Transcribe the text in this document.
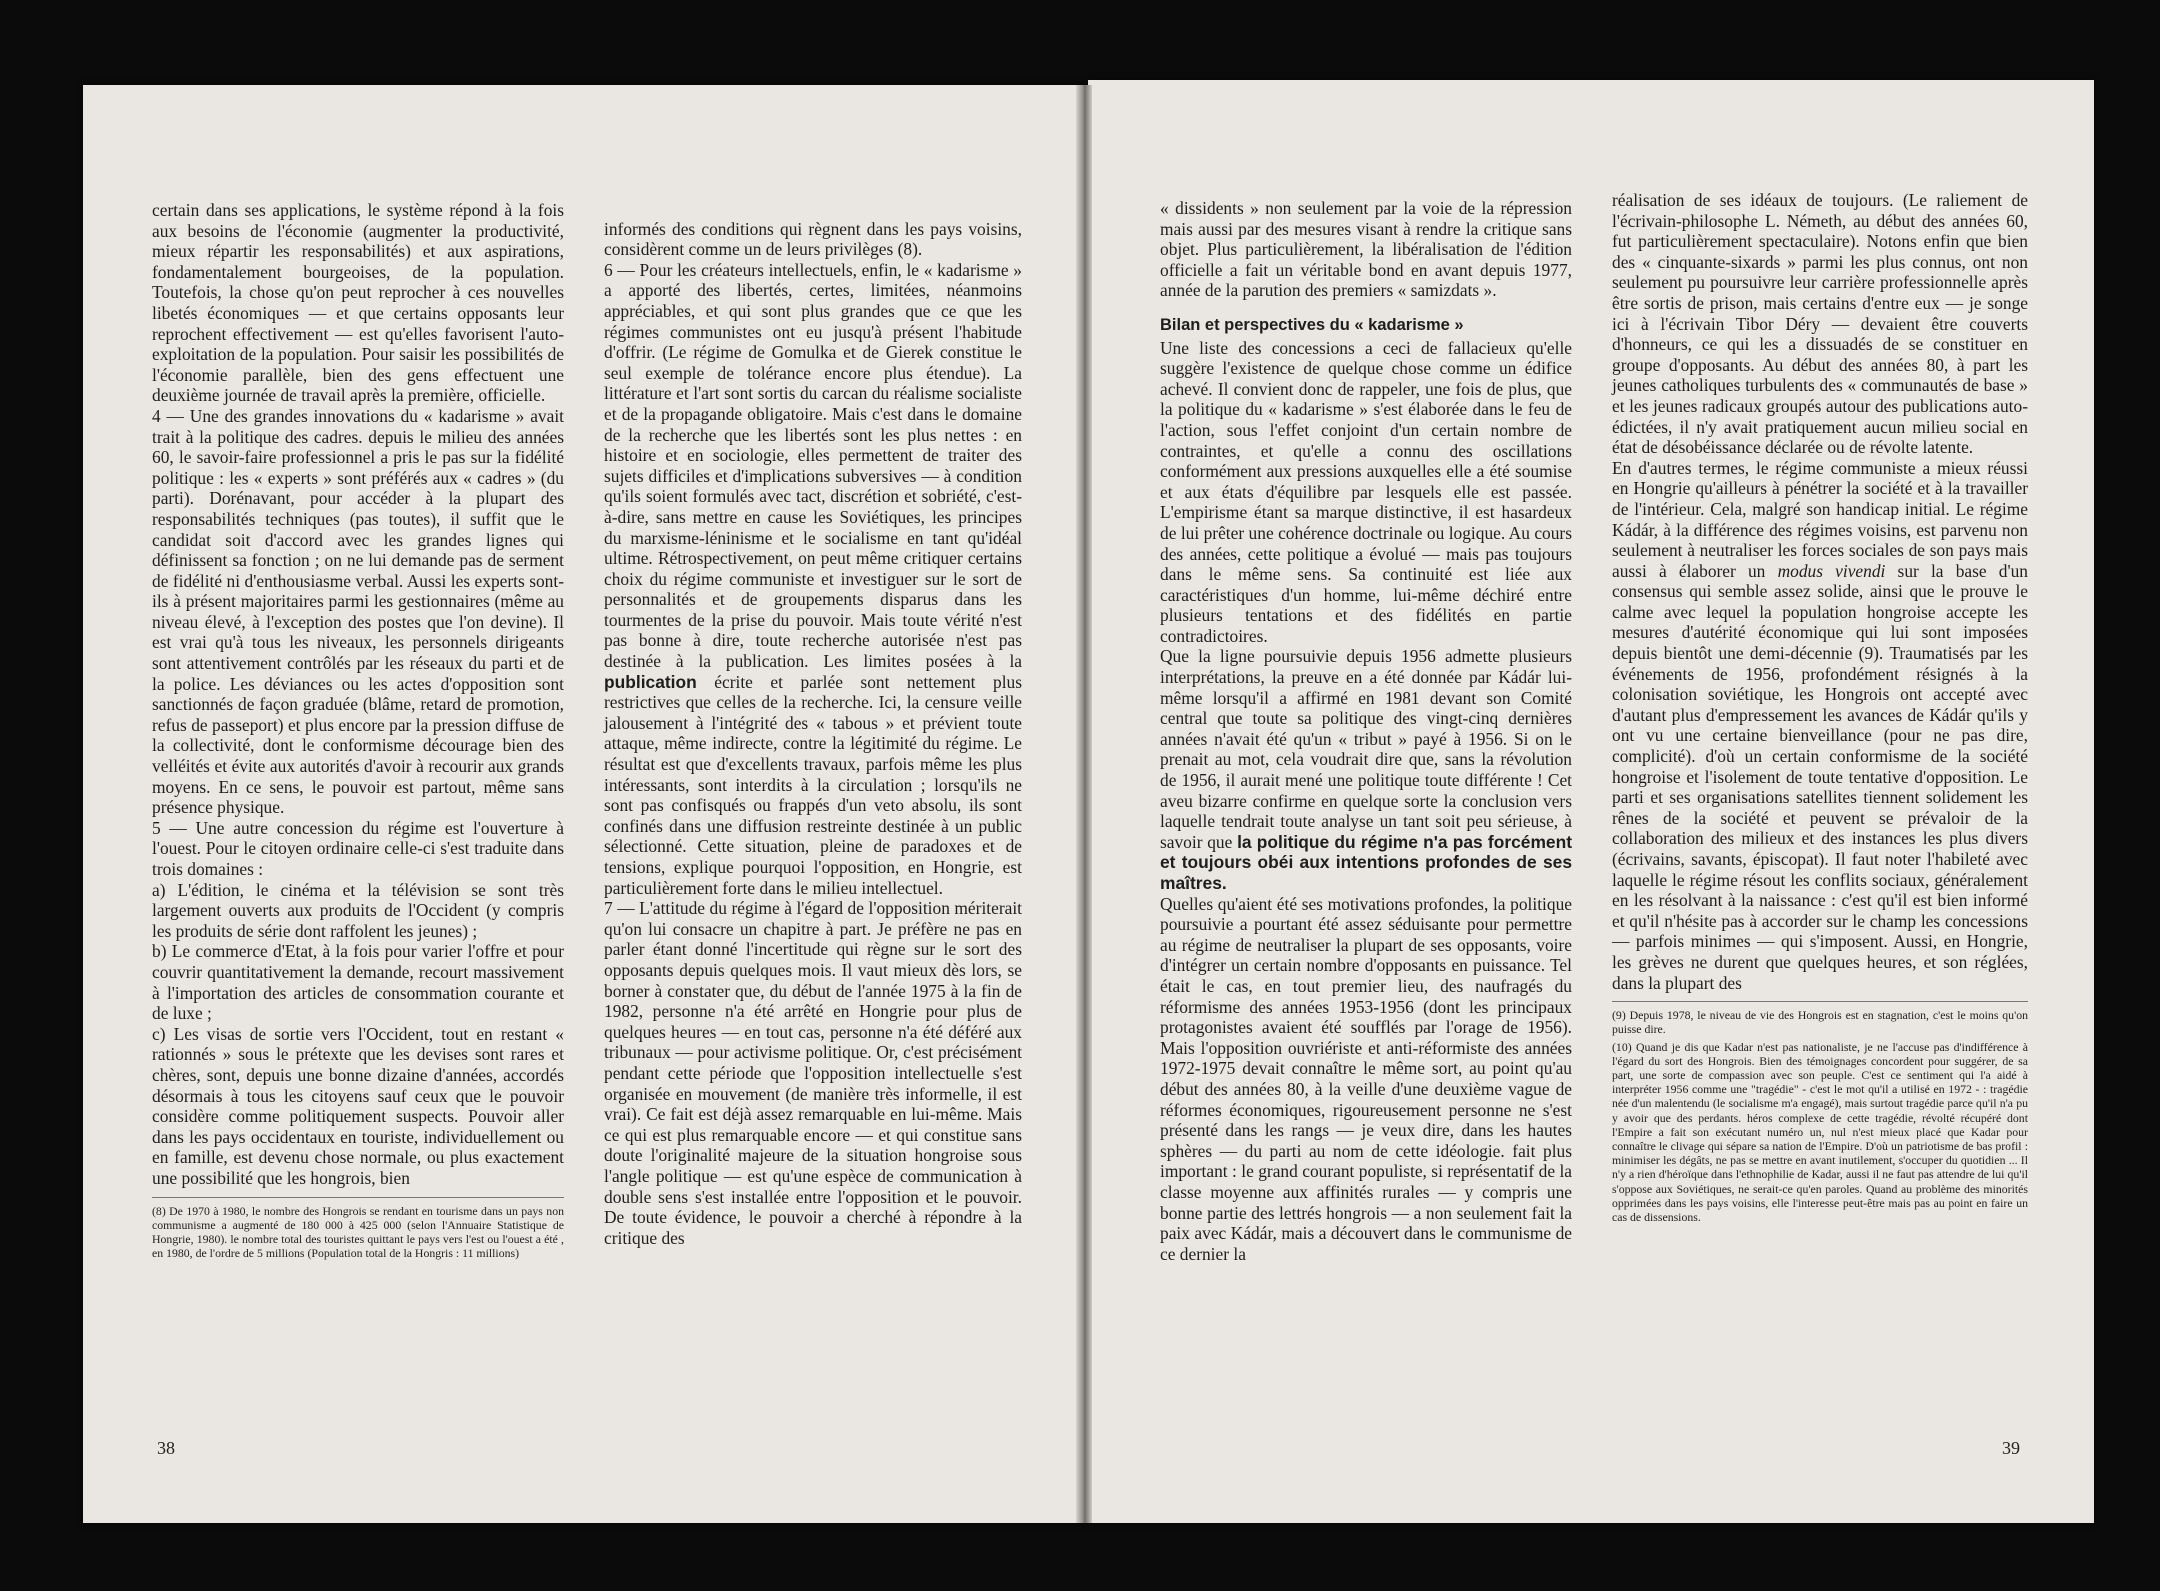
certain dans ses applications, le système répond à la fois aux besoins de l'économie (augmenter la productivité, mieux répartir les responsabilités) et aux aspirations, fondamentalement bourgeoises, de la population. Toutefois, la chose qu'on peut reprocher à ces nouvelles libetés économiques — et que certains opposants leur reprochent effectivement — est qu'elles favorisent l'auto-exploitation de la population. Pour saisir les possibilités de l'économie parallèle, bien des gens effectuent une deuxième journée de travail après la première, officielle.

4 — Une des grandes innovations du « kadarisme » avait trait à la politique des cadres. depuis le milieu des années 60, le savoir-faire professionnel a pris le pas sur la fidélité politique : les « experts » sont préférés aux « cadres » (du parti). Dorénavant, pour accéder à la plupart des responsabilités techniques (pas toutes), il suffit que le candidat soit d'accord avec les grandes lignes qui définissent sa fonction ; on ne lui demande pas de serment de fidélité ni d'enthousiasme verbal. Aussi les experts sont-ils à présent majoritaires parmi les gestionnaires (même au niveau élevé, à l'exception des postes que l'on devine). Il est vrai qu'à tous les niveaux, les personnels dirigeants sont attentivement contrôlés par les réseaux du parti et de la police. Les déviances ou les actes d'opposition sont sanctionnés de façon graduée (blâme, retard de promotion, refus de passeport) et plus encore par la pression diffuse de la collectivité, dont le conformisme décourage bien des velléités et évite aux autorités d'avoir à recourir aux grands moyens. En ce sens, le pouvoir est partout, même sans présence physique.

5 — Une autre concession du régime est l'ouverture à l'ouest. Pour le citoyen ordinaire celle-ci s'est traduite dans trois domaines :

a) L'édition, le cinéma et la télévision se sont très largement ouverts aux produits de l'Occident (y compris les produits de série dont raffolent les jeunes) ;

b) Le commerce d'Etat, à la fois pour varier l'offre et pour couvrir quantitativement la demande, recourt massivement à l'importation des articles de consommation courante et de luxe ;

c) Les visas de sortie vers l'Occident, tout en restant « rationnés » sous le prétexte que les devises sont rares et chères, sont, depuis une bonne dizaine d'années, accordés désormais à tous les citoyens sauf ceux que le pouvoir considère comme politiquement suspects. Pouvoir aller dans les pays occidentaux en touriste, individuellement ou en famille, est devenu chose normale, ou plus exactement une possibilité que les hongrois, bien

(8) De 1970 à 1980, le nombre des Hongrois se rendant en tourisme dans un pays non communisme a augmenté de 180 000 à 425 000 (selon l'Annuaire Statistique de Hongrie, 1980). le nombre total des touristes quittant le pays vers l'est ou l'ouest a été , en 1980, de l'ordre de 5 millions (Population total de la Hongris : 11 millions)

informés des conditions qui règnent dans les pays voisins, considèrent comme un de leurs privilèges (8).
6 — Pour les créateurs intellectuels, enfin, le « kadarisme » a apporté des libertés, certes, limitées, néanmoins appréciables, et qui sont plus grandes que ce que les régimes communistes ont eu jusqu'à présent l'habitude d'offrir. (Le régime de Gomulka et de Gierek constitue le seul exemple de tolérance encore plus étendue). La littérature et l'art sont sortis du carcan du réalisme socialiste et de la propagande obligatoire. Mais c'est dans le domaine de la recherche que les libertés sont les plus nettes : en histoire et en sociologie, elles permettent de traiter des sujets difficiles et d'implications subversives — à condition qu'ils soient formulés avec tact, discrétion et sobriété, c'est-à-dire, sans mettre en cause les Soviétiques, les principes du marxisme-léninisme et le socialisme en tant qu'idéal ultime. Rétrospectivement, on peut même critiquer certains choix du régime communiste et investiguer sur le sort de personnalités et de groupements disparus dans les tourmentes de la prise du pouvoir. Mais toute vérité n'est pas bonne à dire, toute recherche autorisée n'est pas destinée à la publication. Les limites posées à la publication écrite et parlée sont nettement plus restrictives que celles de la recherche. Ici, la censure veille jalousement à l'intégrité des « tabous » et prévient toute attaque, même indirecte, contre la légitimité du régime. Le résultat est que d'excellents travaux, parfois même les plus intéressants, sont interdits à la circulation ; lorsqu'ils ne sont pas confisqués ou frappés d'un veto absolu, ils sont confinés dans une diffusion restreinte destinée à un public sélectionné. Cette situation, pleine de paradoxes et de tensions, explique pourquoi l'opposition, en Hongrie, est particulièrement forte dans le milieu intellectuel.
7 — L'attitude du régime à l'égard de l'opposition mériterait qu'on lui consacre un chapitre à part. Je préfère ne pas en parler étant donné l'incertitude qui règne sur le sort des opposants depuis quelques mois. Il vaut mieux dès lors, se borner à constater que, du début de l'année 1975 à la fin de 1982, personne n'a été arrêté en Hongrie pour plus de quelques heures — en tout cas, personne n'a été déféré aux tribunaux — pour activisme politique. Or, c'est précisément pendant cette période que l'opposition intellectuelle s'est organisée en mouvement (de manière très informelle, il est vrai). Ce fait est déjà assez remarquable en lui-même. Mais ce qui est plus remarquable encore — et qui constitue sans doute l'originalité majeure de la situation hongroise sous l'angle politique — est qu'une espèce de communication à double sens s'est installée entre l'opposition et le pouvoir. De toute évidence, le pouvoir a cherché à répondre à la critique des

38

« dissidents » non seulement par la voie de la répression mais aussi par des mesures visant à rendre la critique sans objet. Plus particulièrement, la libéralisation de l'édition officielle a fait un véritable bond en avant depuis 1977, année de la parution des premiers « samizdats ».

Bilan et perspectives du « kadarisme »

Une liste des concessions a ceci de fallacieux qu'elle suggère l'existence de quelque chose comme un édifice achevé. Il convient donc de rappeler, une fois de plus, que la politique du « kadarisme » s'est élaborée dans le feu de l'action, sous l'effet conjoint d'un certain nombre de contraintes, et qu'elle a connu des oscillations conformément aux pressions auxquelles elle a été soumise et aux états d'équilibre par lesquels elle est passée. L'empirisme étant sa marque distinctive, il est hasardeux de lui prêter une cohérence doctrinale ou logique. Au cours des années, cette politique a évolué — mais pas toujours dans le même sens. Sa continuité est liée aux caractéristiques d'un homme, lui-même déchiré entre plusieurs tentations et des fidélités en partie contradictoires.

Que la ligne poursuivie depuis 1956 admette plusieurs interprétations, la preuve en a été donnée par Kádár lui-même lorsqu'il a affirmé en 1981 devant son Comité central que toute sa politique des vingt-cinq dernières années n'avait été qu'un « tribut » payé à 1956. Si on le prenait au mot, cela voudrait dire que, sans la révolution de 1956, il aurait mené une politique toute différente ! Cet aveu bizarre confirme en quelque sorte la conclusion vers laquelle tendrait toute analyse un tant soit peu sérieuse, à savoir que la politique du régime n'a pas forcément et toujours obéi aux intentions profondes de ses maîtres.

Quelles qu'aient été ses motivations profondes, la politique poursuivie a pourtant été assez séduisante pour permettre au régime de neutraliser la plupart de ses opposants, voire d'intégrer un certain nombre d'opposants en puissance. Tel était le cas, en tout premier lieu, des naufragés du réformisme des années 1953-1956 (dont les principaux protagonistes avaient été soufflés par l'orage de 1956). Mais l'opposition ouvriériste et anti-réformiste des années 1972-1975 devait connaître le même sort, au point qu'au début des années 80, à la veille d'une deuxième vague de réformes économiques, rigoureusement personne ne s'est présenté dans les rangs — je veux dire, dans les hautes sphères — du parti au nom de cette idéologie. fait plus important : le grand courant populiste, si représentatif de la classe moyenne aux affinités rurales — y compris une bonne partie des lettrés hongrois — a non seulement fait la paix avec Kádár, mais a découvert dans le communisme de ce dernier la

réalisation de ses idéaux de toujours. (Le raliement de l'écrivain-philosophe L. Németh, au début des années 60, fut particulièrement spectaculaire). Notons enfin que bien des « cinquante-sixards » parmi les plus connus, ont non seulement pu poursuivre leur carrière professionnelle après être sortis de prison, mais certains d'entre eux — je songe ici à l'écrivain Tibor Déry — devaient être couverts d'honneurs, ce qui les a dissuadés de se constituer en groupe d'opposants. Au début des années 80, à part les jeunes catholiques turbulents des « communautés de base » et les jeunes radicaux groupés autour des publications auto-édictées, il n'y avait pratiquement aucun milieu social en état de désobéissance déclarée ou de révolte latente.

En d'autres termes, le régime communiste a mieux réussi en Hongrie qu'ailleurs à pénétrer la société et à la travailler de l'intérieur. Cela, malgré son handicap initial. Le régime Kádár, à la différence des régimes voisins, est parvenu non seulement à neutraliser les forces sociales de son pays mais aussi à élaborer un modus vivendi sur la base d'un consensus qui semble assez solide, ainsi que le prouve le calme avec lequel la population hongroise accepte les mesures d'autérité économique qui lui sont imposées depuis bientôt une demi-décennie (9). Traumatisés par les événements de 1956, profondément résignés à la colonisation soviétique, les Hongrois ont accepté avec d'autant plus d'empressement les avances de Kádár qu'ils y ont vu une certaine bienveillance (pour ne pas dire, complicité). d'où un certain conformisme de la société hongroise et l'isolement de toute tentative d'opposition. Le parti et ses organisations satellites tiennent solidement les rênes de la société et peuvent se prévaloir de la collaboration des milieux et des instances les plus divers (écrivains, savants, épiscopat). Il faut noter l'habileté avec laquelle le régime résout les conflits sociaux, généralement en les résolvant à la naissance : c'est qu'il est bien informé et qu'il n'hésite pas à accorder sur le champ les concessions — parfois minimes — qui s'imposent. Aussi, en Hongrie, les grèves ne durent que quelques heures, et son réglées, dans la plupart des

(9) Depuis 1978, le niveau de vie des Hongrois est en stagnation, c'est le moins qu'on puisse dire.

(10) Quand je dis que Kadar n'est pas nationaliste, je ne l'accuse pas d'indifférence à l'égard du sort des Hongrois. Bien des témoignages concordent pour suggérer, de sa part, une sorte de compassion avec son peuple. C'est ce sentiment qui l'a aidé à interpréter 1956 comme une "tragédie" - c'est le mot qu'il a utilisé en 1972 - : tragédie née d'un malentendu (le socialisme m'a engagé), mais surtout tragédie parce qu'il n'a pu y avoir que des perdants. héros complexe de cette tragédie, révolté récupéré dont l'Empire a fait son exécutant numéro un, nul n'est mieux placé que Kadar pour connaître le clivage qui sépare sa nation de l'Empire. D'où un patriotisme de bas profil : minimiser les dégâts, ne pas se mettre en avant inutilement, s'occuper du quotidien ... Il n'y a rien d'héroïque dans l'ethnophilie de Kadar, aussi il ne faut pas attendre de lui qu'il s'oppose aux Soviétiques, ne serait-ce qu'en paroles. Quand au problème des minorités opprimées dans les pays voisins, elle l'interesse peut-être mais pas au point en faire un cas de dissensions.

39
